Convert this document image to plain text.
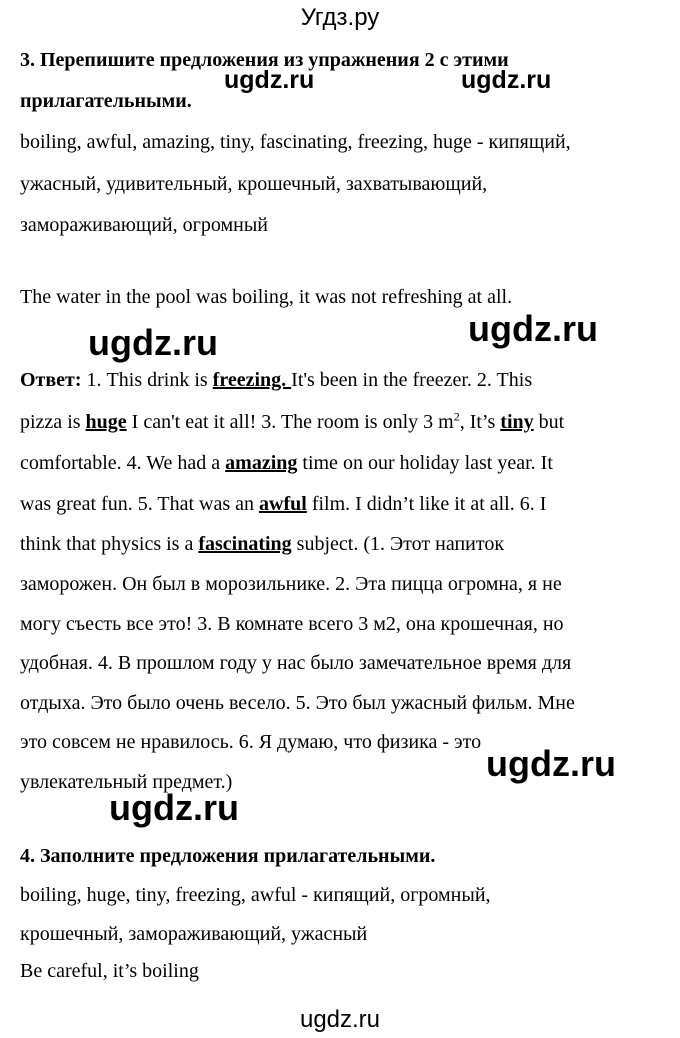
Угдз.ру
3. Перепишите предложения из упражнения 2 с этими
прилагательными.
ugdz.ru	ugdz.ru
boiling, awful, amazing, tiny, fascinating, freezing, huge - кипящий,
ужасный, удивительный, крошечный, захватывающий,
замораживающий, огромный
The water in the pool was boiling, it was not refreshing at all.
ugdz.ru	ugdz.ru
Ответ: 1. This drink is freezing. It's been in the freezer. 2. This
pizza is huge I can't eat it all! 3. The room is only 3 $m^2$, It’s tiny but
comfortable. 4. We had a amazing time on our holiday last year. It
was great fun. 5. That was an awful film. I didn’t like it at all. 6. I
think that physics is a fascinating subject. (1. Этот напиток
заморожен. Он был в морозильнике. 2. Эта пицца огромна, я не
могу съесть все это! 3. В комнате всего 3 м2, она крошечная, но
удобная. 4. В прошлом году у нас было замечательное время для
отдыха. Это было очень весело. 5. Это был ужасный фильм. Мне
это совсем не нравилось. 6. Я думаю, что физика - это
увлекательный предмет.)	ugdz.ru
ugdz.ru
4. Заполните предложения прилагательными.
boiling, huge, tiny, freezing, awful - кипящий, огромный,
крошечный, замораживающий, ужасный
Be careful, it’s boiling
ugdz.ru
